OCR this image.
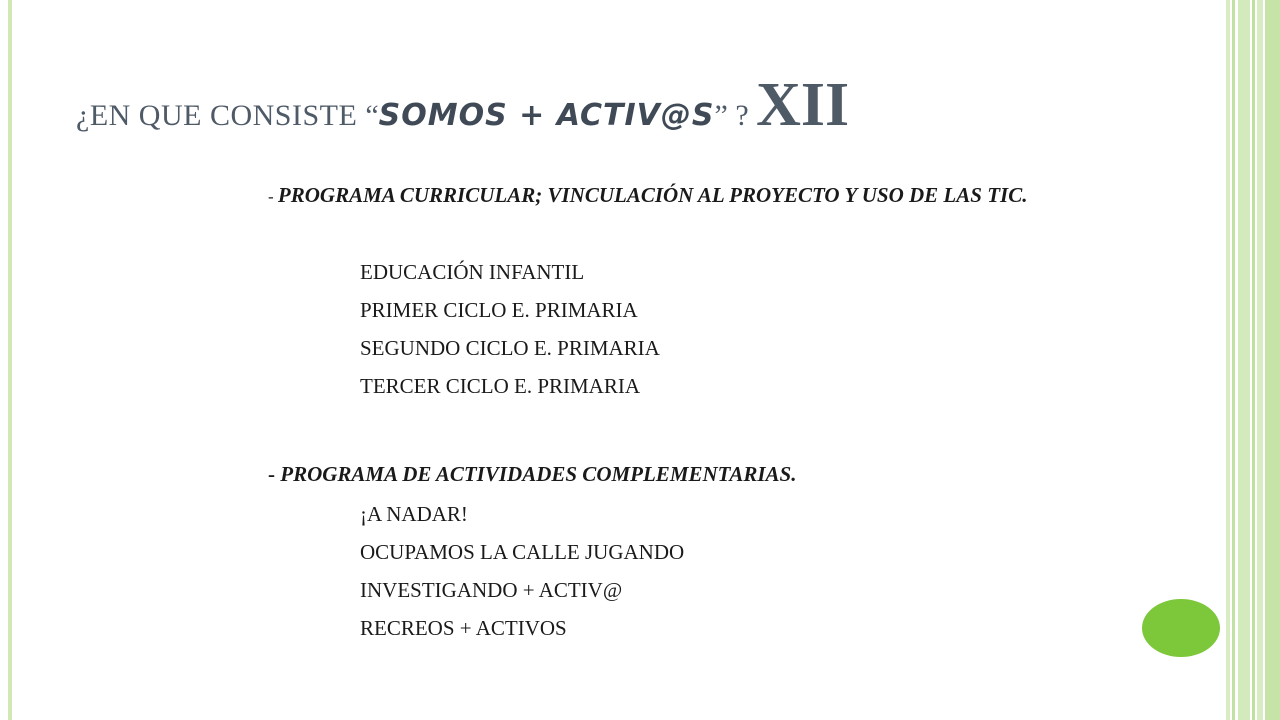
¿EN QUE CONSISTE “SOMOS + ACTIV@S” ? XII
- PROGRAMA CURRICULAR; VINCULACIÓN AL PROYECTO Y USO DE LAS TIC.
EDUCACIÓN INFANTIL
PRIMER CICLO E. PRIMARIA
SEGUNDO CICLO E. PRIMARIA
TERCER CICLO E. PRIMARIA
- PROGRAMA DE ACTIVIDADES COMPLEMENTARIAS.
¡A NADAR!
OCUPAMOS LA CALLE JUGANDO
INVESTIGANDO + ACTIV@
RECREOS + ACTIVOS
